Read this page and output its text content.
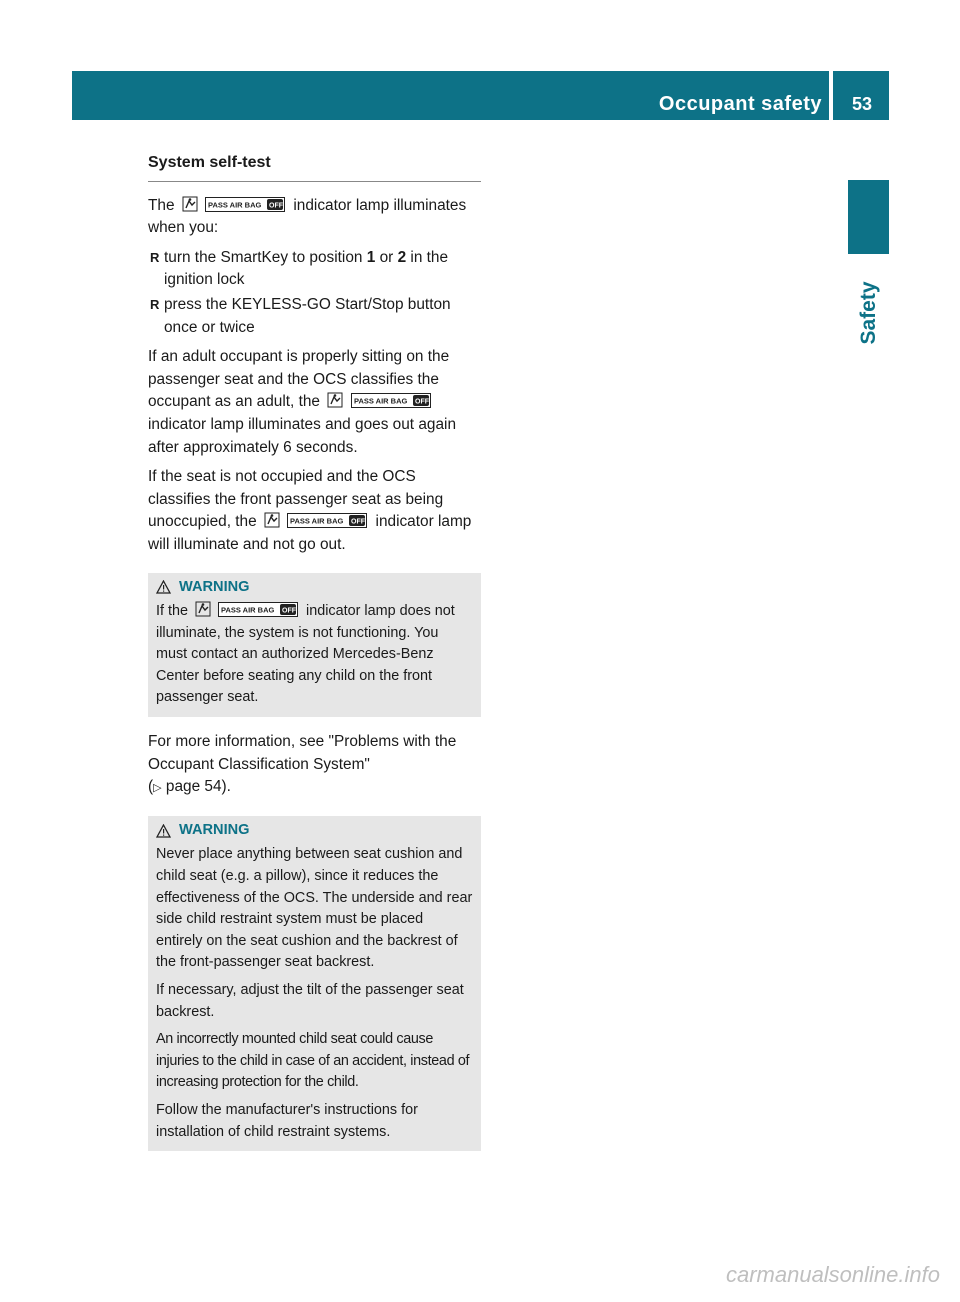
Occupant safety	53
Safety
System self-test

The	PASS AIR BAG OFF indicator lamp illuminates when you:

R turn the SmartKey to position 1 or 2 in the ignition lock
R press the KEYLESS-GO Start/Stop button once or twice

If an adult occupant is properly sitting on the passenger seat and the OCS classifies the occupant as an adult, the	PASS AIR BAG OFF
indicator lamp illuminates and goes out again after approximately 6 seconds.

If the seat is not occupied and the OCS classifies the front passenger seat as being unoccupied, the	PASS AIR BAG OFF indicator lamp will illuminate and not go out.

WARNING

If the	PASS AIR BAG OFF indicator lamp does not illuminate, the system is not functioning. You must contact an authorized Mercedes-Benz Center before seating any child on the front passenger seat.

For more information, see "Problems with the Occupant Classification System"
(▷ page 54).

WARNING

Never place anything between seat cushion and child seat (e.g. a pillow), since it reduces the effectiveness of the OCS. The underside and rear side child restraint system must be placed entirely on the seat cushion and the backrest of the front-passenger seat backrest.

If necessary, adjust the tilt of the passenger seat backrest.

An incorrectly mounted child seat could cause injuries to the child in case of an accident, instead of increasing protection for the child.

Follow the manufacturer's instructions for installation of child restraint systems.

carmanualsonline.info
